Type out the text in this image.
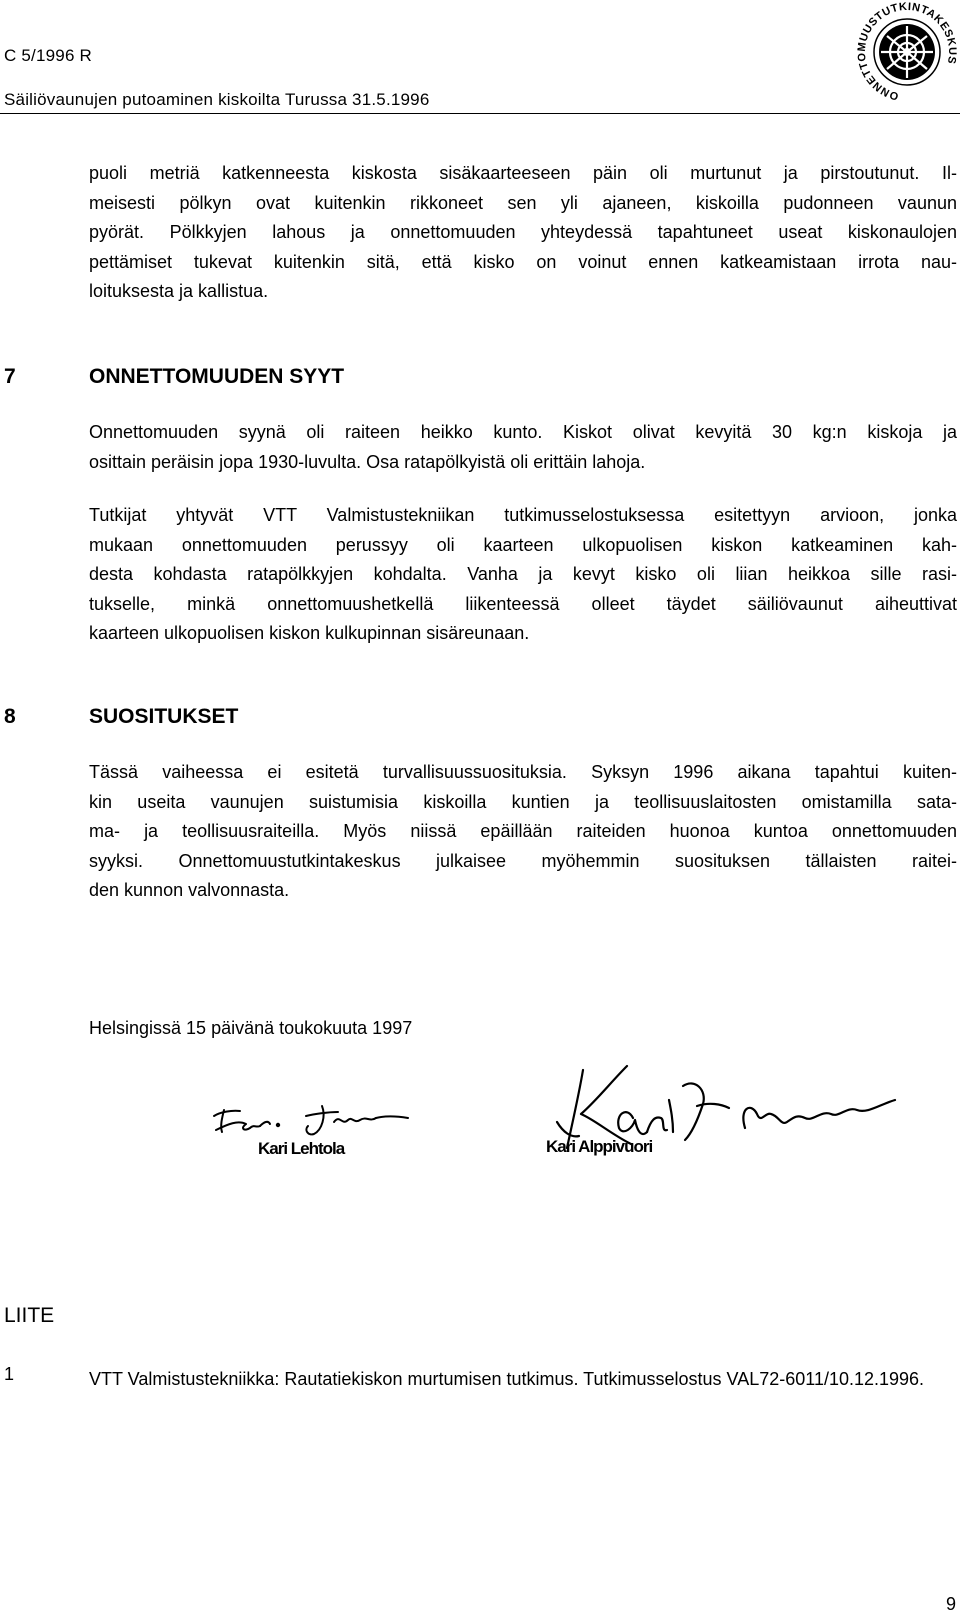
C 5/1996 R
Säiliövaunujen putoaminen kiskoilta Turussa 31.5.1996	ONNETTOMUUSTUTKINTAKESKUS
puoli metriä katkenneesta kiskosta sisäkaarteeseen päin oli murtunut ja pirstoutunut. Il-
meisesti pölkyn ovat kuitenkin rikkoneet sen yli ajaneen, kiskoilla pudonneen vaunun
pyörät. Pölkkyjen lahous ja onnettomuuden yhteydessä tapahtuneet useat kiskonaulojen
pettämiset tukevat kuitenkin sitä, että kisko on voinut ennen katkeamistaan irrota nau-
loituksesta ja kallistua.
7	ONNETTOMUUDEN SYYT
Onnettomuuden syynä oli raiteen heikko kunto. Kiskot olivat kevyitä 30 kg:n kiskoja ja
osittain peräisin jopa 1930-luvulta. Osa ratapölkyistä oli erittäin lahoja.
Tutkijat yhtyvät VTT Valmistustekniikan tutkimusselostuksessa esitettyyn arvioon, jonka
mukaan onnettomuuden perussyy oli kaarteen ulkopuolisen kiskon katkeaminen kah-
desta kohdasta ratapölkkyjen kohdalta. Vanha ja kevyt kisko oli liian heikkoa sille rasi-
tukselle, minkä onnettomuushetkellä liikenteessä olleet täydet säiliövaunut aiheuttivat
kaarteen ulkopuolisen kiskon kulkupinnan sisäreunaan.
8	SUOSITUKSET
Tässä vaiheessa ei esitetä turvallisuussuosituksia. Syksyn 1996 aikana tapahtui kuiten-
kin useita vaunujen suistumisia kiskoilla kuntien ja teollisuuslaitosten omistamilla sata-
ma- ja teollisuusraiteilla. Myös niissä epäillään raiteiden huonoa kuntoa onnettomuuden
syyksi. Onnettomuustutkintakeskus julkaisee myöhemmin suosituksen tällaisten raitei-
den kunnon valvonnasta.
Helsingissä 15 päivänä toukokuuta 1997
Kari Lehtola	Kari Alppivuori
LIITE
1	VTT Valmistustekniikka: Rautatiekiskon murtumisen tutkimus. Tutkimusselostus VAL72-6011/10.12.1996.
9
